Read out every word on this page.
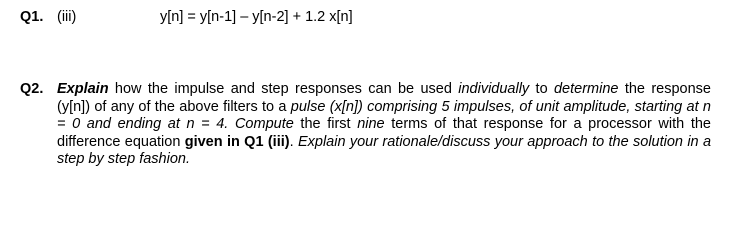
Q1. (iii)	y[n] = y[n-1] – y[n-2] + 1.2 x[n]
Q2. Explain how the impulse and step responses can be used individually to determine the response (y[n]) of any of the above filters to a pulse (x[n]) comprising 5 impulses, of unit amplitude, starting at n = 0 and ending at n = 4. Compute the first nine terms of that response for a processor with the difference equation given in Q1 (iii). Explain your rationale/discuss your approach to the solution in a step by step fashion.
